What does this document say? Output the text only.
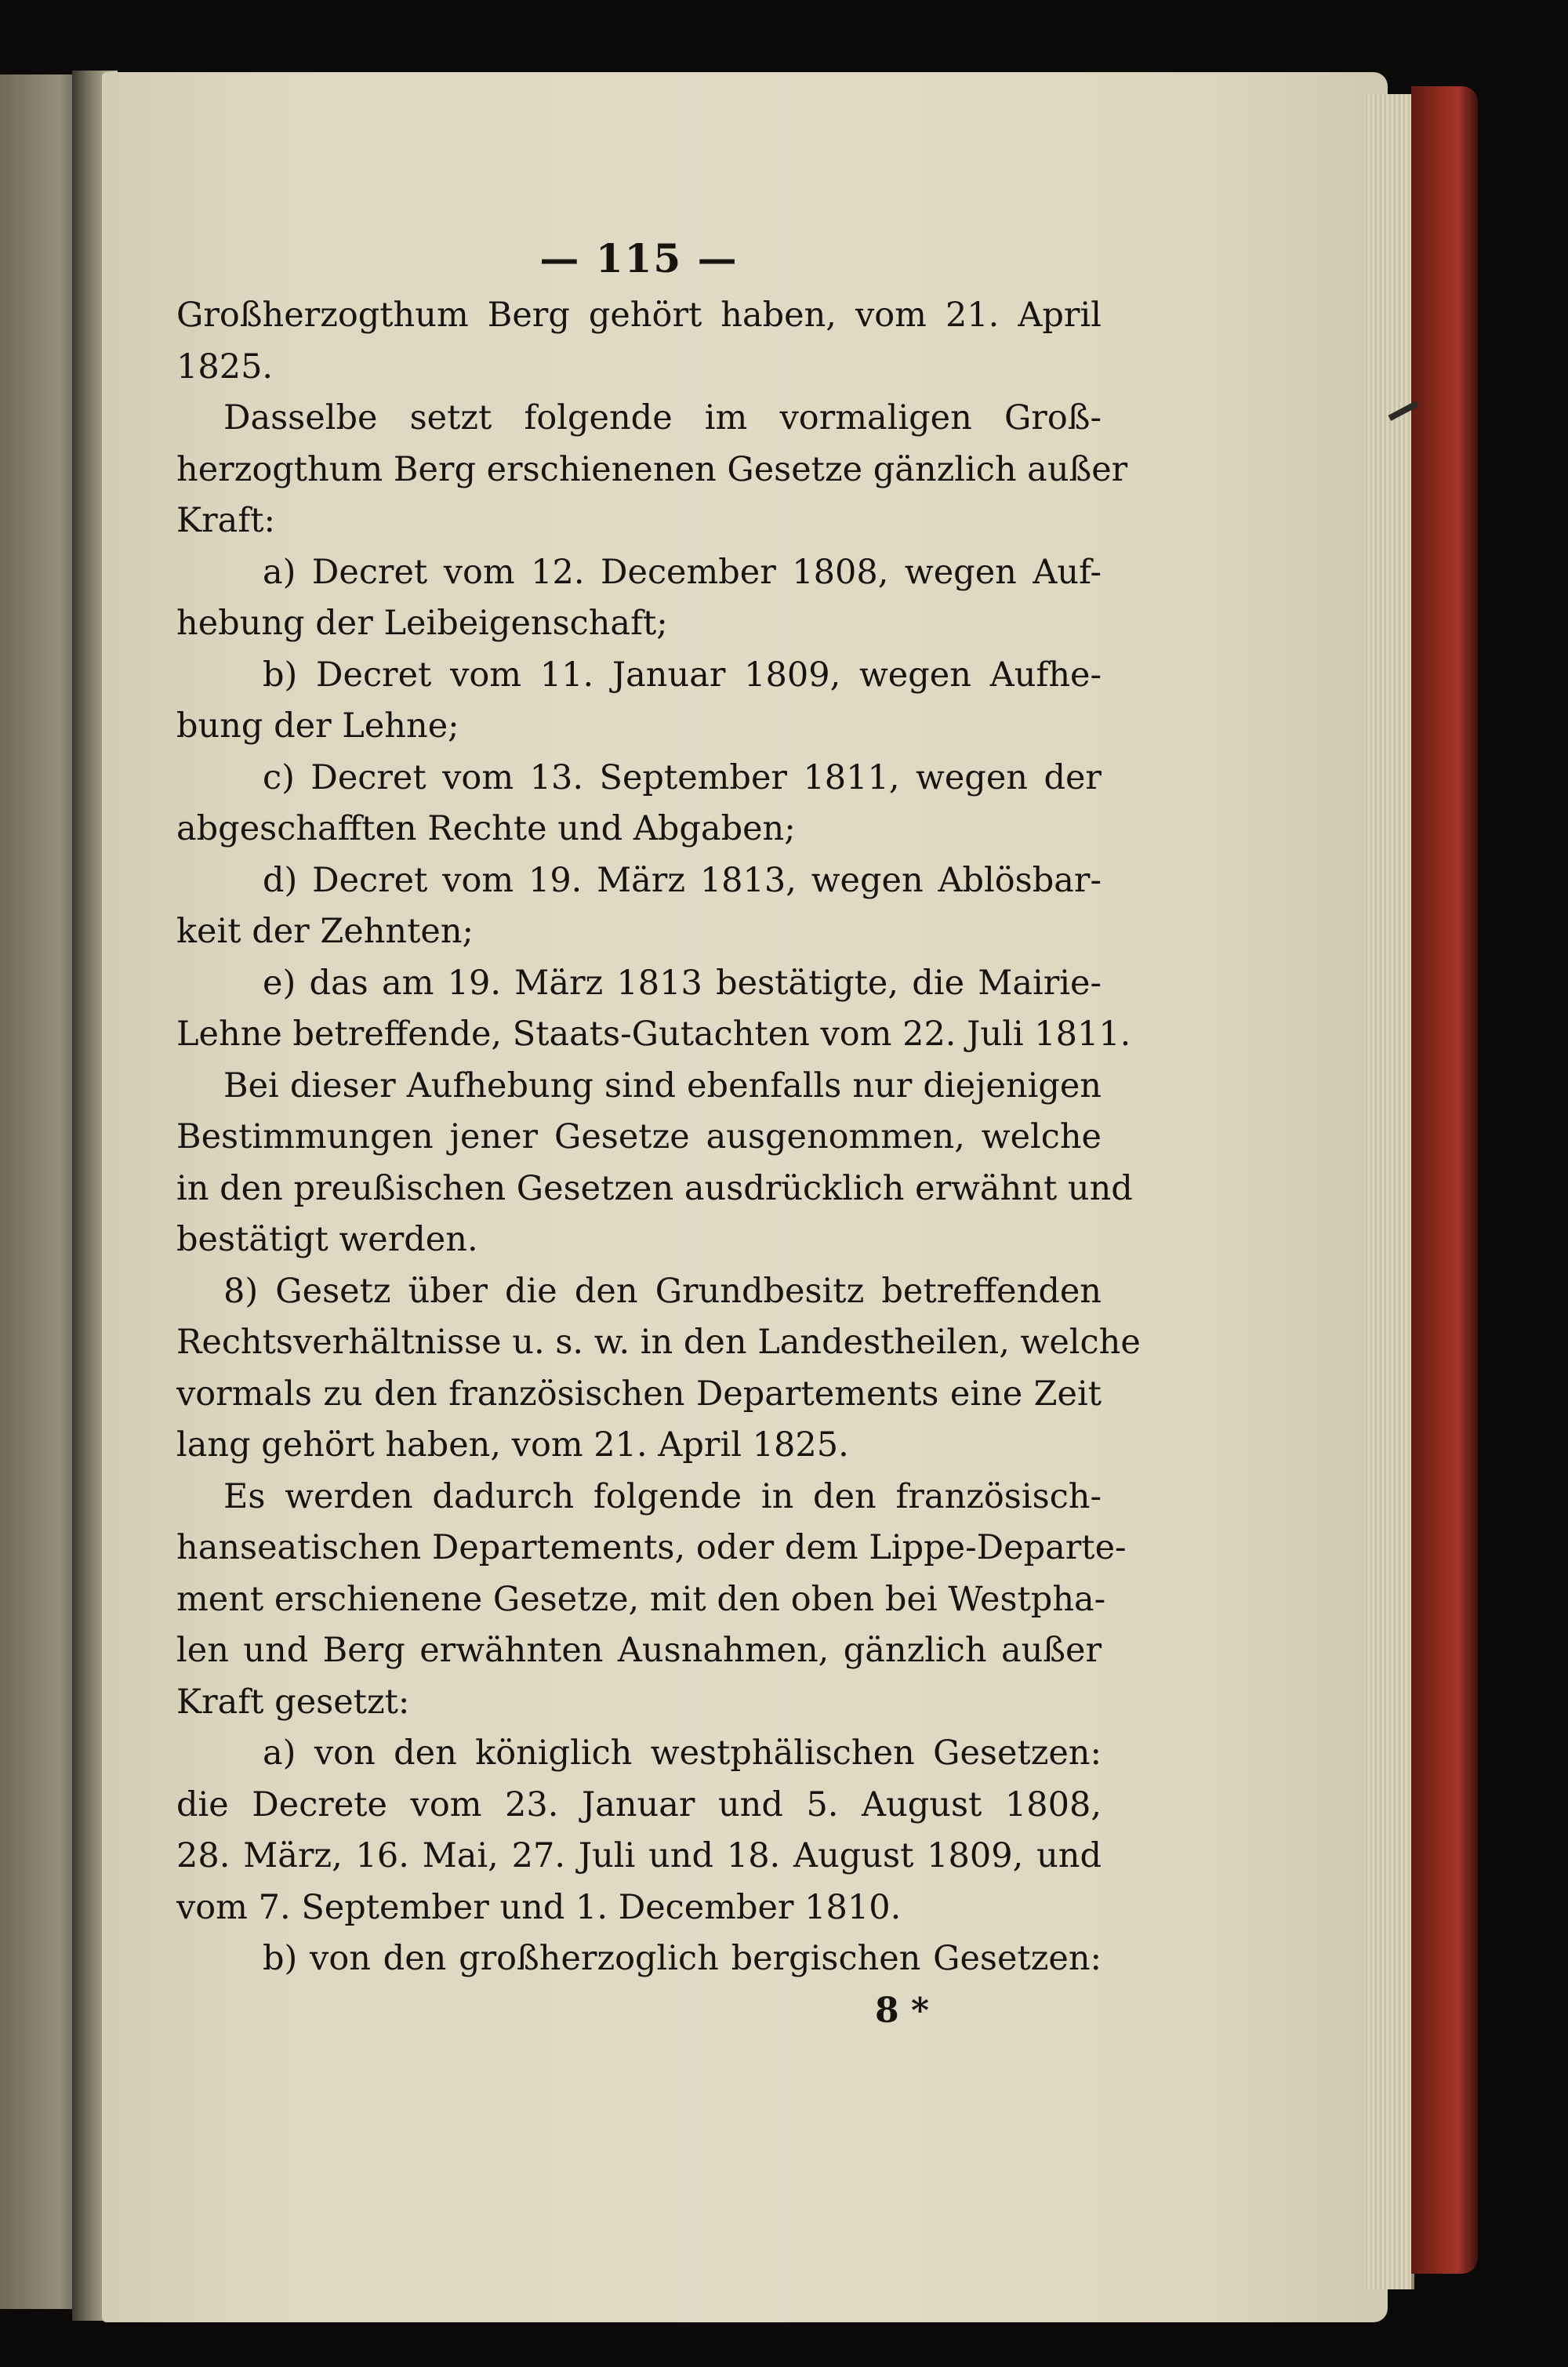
— 115 —
Großherzogthum Berg gehört haben, vom 21. April
1825.
Dasselbe setzt folgende im vormaligen Groß-
herzogthum Berg erschienenen Gesetze gänzlich außer
Kraft:
a) Decret vom 12. December 1808, wegen Auf-
hebung der Leibeigenschaft;
b) Decret vom 11. Januar 1809, wegen Aufhe-
bung der Lehne;
c) Decret vom 13. September 1811, wegen der
abgeschafften Rechte und Abgaben;
d) Decret vom 19. März 1813, wegen Ablösbar-
keit der Zehnten;
e) das am 19. März 1813 bestätigte, die Mairie-
Lehne betreffende, Staats-Gutachten vom 22. Juli 1811.
Bei dieser Aufhebung sind ebenfalls nur diejenigen
Bestimmungen jener Gesetze ausgenommen, welche
in den preußischen Gesetzen ausdrücklich erwähnt und
bestätigt werden.
8) Gesetz über die den Grundbesitz betreffenden
Rechtsverhältnisse u. s. w. in den Landestheilen, welche
vormals zu den französischen Departements eine Zeit
lang gehört haben, vom 21. April 1825.
Es werden dadurch folgende in den französisch-
hanseatischen Departements, oder dem Lippe-Departe-
ment erschienene Gesetze, mit den oben bei Westpha-
len und Berg erwähnten Ausnahmen, gänzlich außer
Kraft gesetzt:
a) von den königlich westphälischen Gesetzen:
die Decrete vom 23. Januar und 5. August 1808,
28. März, 16. Mai, 27. Juli und 18. August 1809, und
vom 7. September und 1. December 1810.
b) von den großherzoglich bergischen Gesetzen:
8 *
